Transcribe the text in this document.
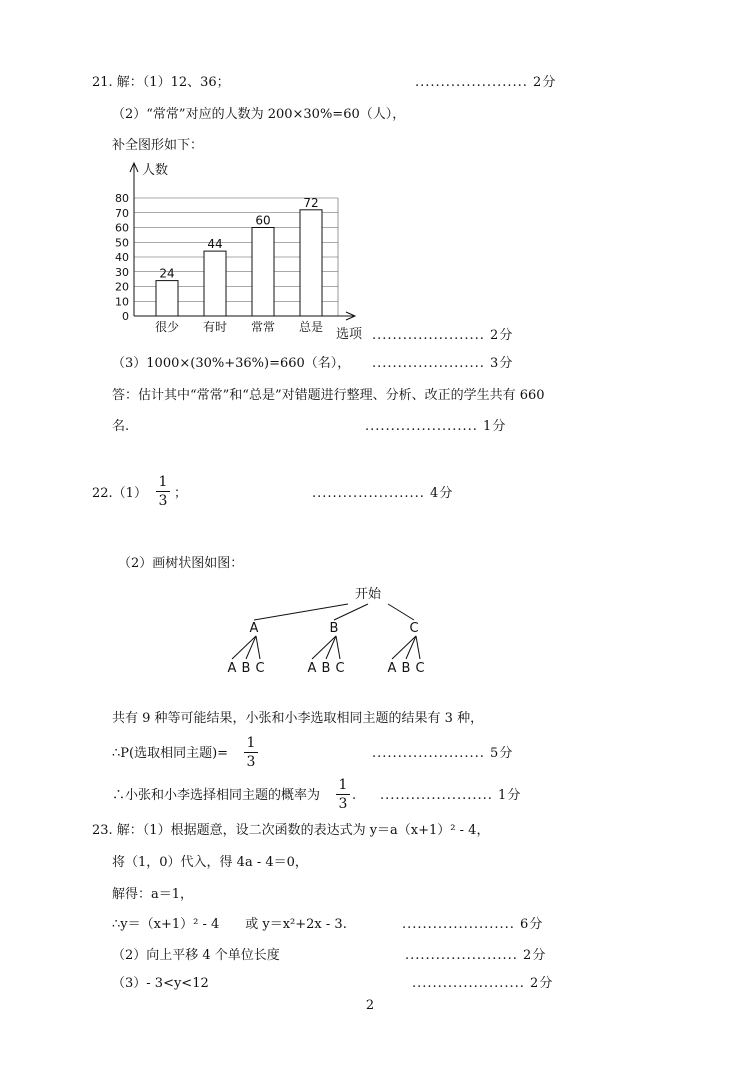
21. 解：（1）12、36；	...................... 2分
（2）“常常”对应的人数为 200×30%=60（人），
补全图形如下：
0
10
20
30
40
50
60
70
80
人数
选项
24
很少
44
有时
60
常常
72
总是
...................... 2分
（3）1000×(30%+36%)=660（名）， ...................... 3分
答：估计其中“常常”和“总是”对错题进行整理、分析、改正的学生共有 660
名.	...................... 1分
22.（1）
1
3 ；	...................... 4分
（2）画树状图如图：
开始
A
A B C
B
A B C
C
A B C
共有 9 种等可能结果，小张和小李选取相同主题的结果有 3 种，
∴P(选取相同主题)=
1
3
...................... 5分
∴小张和小李选择相同主题的概率为
1
3
. ...................... 1分
23. 解：（1）根据题意，设二次函数的表达式为 y＝a（x+1）² - 4，
将（1，0）代入，得 4a - 4＝0，
解得：a＝1，
∴y＝（x+1）² - 4　　或 y＝x²+2x - 3.	...................... 6分
（2）向上平移 4 个单位长度	...................... 2分
（3）- 3<y<12	...................... 2分
2
